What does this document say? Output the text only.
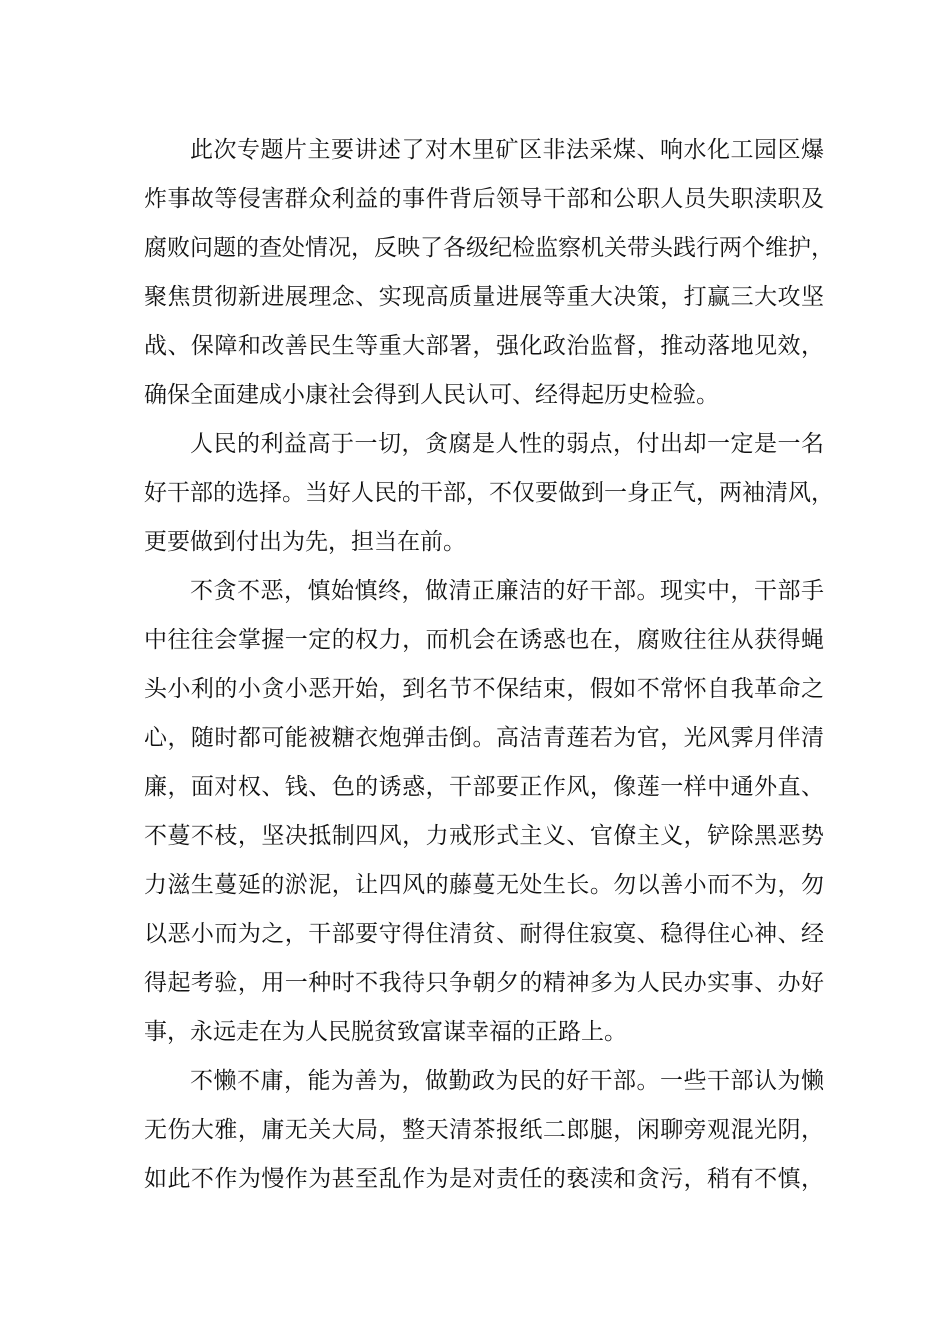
此次专题片主要讲述了对木里矿区非法采煤、响水化工园区爆
炸事故等侵害群众利益的事件背后领导干部和公职人员失职渎职及
腐败问题的查处情况，反映了各级纪检监察机关带头践行两个维护，
聚焦贯彻新进展理念、实现高质量进展等重大决策，打赢三大攻坚
战、保障和改善民生等重大部署，强化政治监督，推动落地见效，
确保全面建成小康社会得到人民认可、经得起历史检验。
人民的利益高于一切，贪腐是人性的弱点，付出却一定是一名
好干部的选择。当好人民的干部，不仅要做到一身正气，两袖清风，
更要做到付出为先，担当在前。
不贪不恶，慎始慎终，做清正廉洁的好干部。现实中，干部手
中往往会掌握一定的权力，而机会在诱惑也在，腐败往往从获得蝇
头小利的小贪小恶开始，到名节不保结束，假如不常怀自我革命之
心，随时都可能被糖衣炮弹击倒。高洁青莲若为官，光风霁月伴清
廉，面对权、钱、色的诱惑，干部要正作风，像莲一样中通外直、
不蔓不枝，坚决抵制四风，力戒形式主义、官僚主义，铲除黑恶势
力滋生蔓延的淤泥，让四风的藤蔓无处生长。勿以善小而不为，勿
以恶小而为之，干部要守得住清贫、耐得住寂寞、稳得住心神、经
得起考验，用一种时不我待只争朝夕的精神多为人民办实事、办好
事，永远走在为人民脱贫致富谋幸福的正路上。
不懒不庸，能为善为，做勤政为民的好干部。一些干部认为懒
无伤大雅，庸无关大局，整天清茶报纸二郎腿，闲聊旁观混光阴，
如此不作为慢作为甚至乱作为是对责任的亵渎和贪污，稍有不慎，
